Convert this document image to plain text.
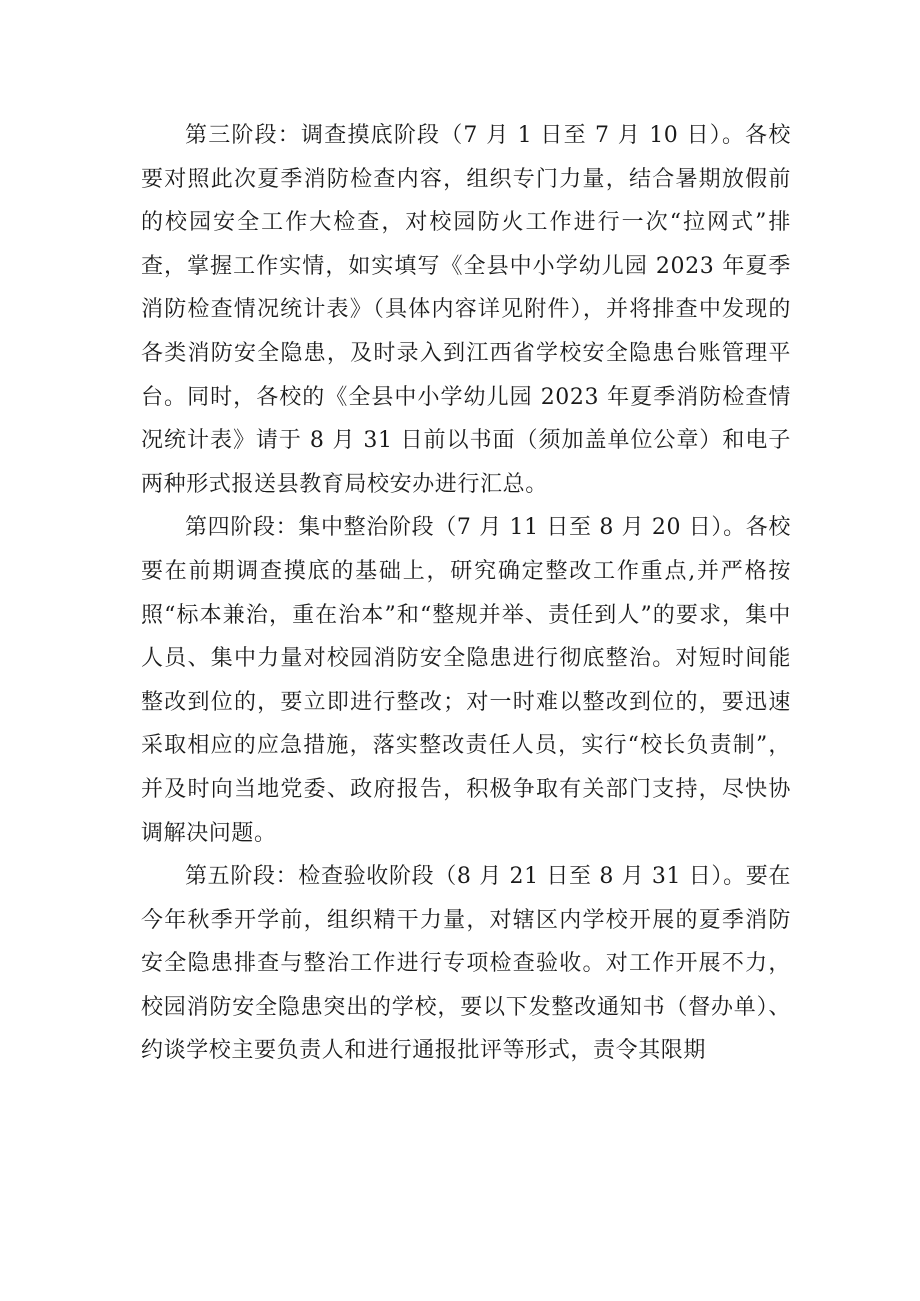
第三阶段：调查摸底阶段（7 月 1 日至 7 月 10 日）。各校要对照此次夏季消防检查内容，组织专门力量，结合暑期放假前的校园安全工作大检查，对校园防火工作进行一次“拉网式”排查，掌握工作实情，如实填写《全县中小学幼儿园 2023 年夏季消防检查情况统计表》（具体内容详见附件），并将排查中发现的各类消防安全隐患，及时录入到江西省学校安全隐患台账管理平台。同时，各校的《全县中小学幼儿园 2023 年夏季消防检查情况统计表》请于 8 月 31 日前以书面（须加盖单位公章）和电子两种形式报送县教育局校安办进行汇总。

第四阶段：集中整治阶段（7 月 11 日至 8 月 20 日）。各校要在前期调查摸底的基础上，研究确定整改工作重点,并严格按照“标本兼治，重在治本”和“整规并举、责任到人”的要求，集中人员、集中力量对校园消防安全隐患进行彻底整治。对短时间能整改到位的，要立即进行整改；对一时难以整改到位的，要迅速采取相应的应急措施，落实整改责任人员，实行“校长负责制”，并及时向当地党委、政府报告，积极争取有关部门支持，尽快协调解决问题。

第五阶段：检查验收阶段（8 月 21 日至 8 月 31 日）。要在今年秋季开学前，组织精干力量，对辖区内学校开展的夏季消防安全隐患排查与整治工作进行专项检查验收。对工作开展不力，校园消防安全隐患突出的学校，要以下发整改通知书（督办单）、约谈学校主要负责人和进行通报批评等形式，责令其限期
